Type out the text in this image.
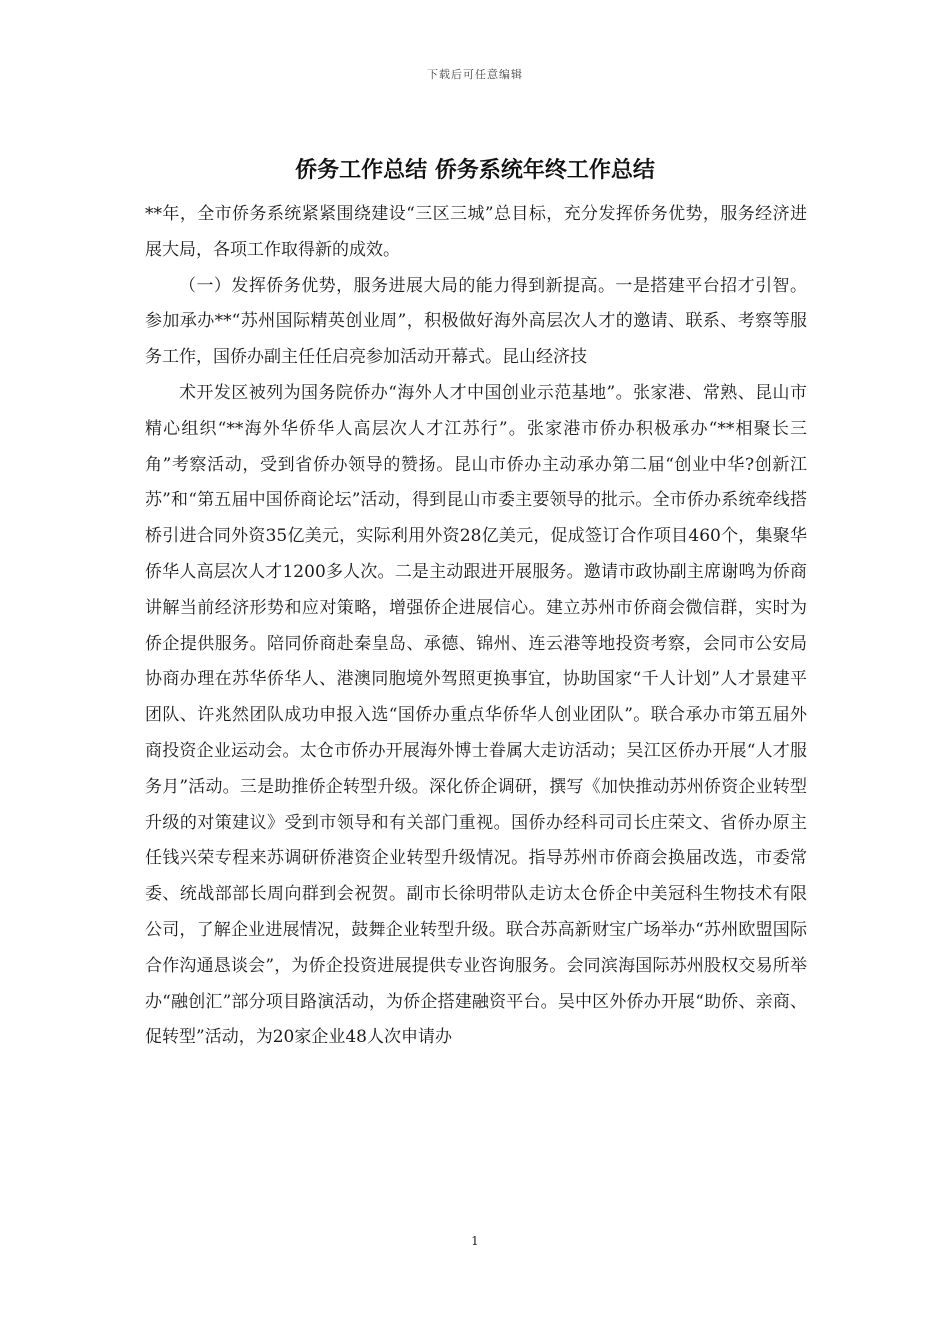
下载后可任意编辑
侨务工作总结 侨务系统年终工作总结

**年，全市侨务系统紧紧围绕建设“三区三城”总目标，充分发挥侨务优势，服务经济进展大局，各项工作取得新的成效。

（一）发挥侨务优势，服务进展大局的能力得到新提高。一是搭建平台招才引智。参加承办**“苏州国际精英创业周”，积极做好海外高层次人才的邀请、联系、考察等服务工作，国侨办副主任任启亮参加活动开幕式。昆山经济技

术开发区被列为国务院侨办“海外人才中国创业示范基地”。张家港、常熟、昆山市精心组织“**海外华侨华人高层次人才江苏行”。张家港市侨办积极承办“**相聚长三角”考察活动，受到省侨办领导的赞扬。昆山市侨办主动承办第二届“创业中华?创新江苏”和“第五届中国侨商论坛”活动，得到昆山市委主要领导的批示。全市侨办系统牵线搭桥引进合同外资35亿美元，实际利用外资28亿美元，促成签订合作项目460个，集聚华侨华人高层次人才1200多人次。二是主动跟进开展服务。邀请市政协副主席谢鸣为侨商讲解当前经济形势和应对策略，增强侨企进展信心。建立苏州市侨商会微信群，实时为侨企提供服务。陪同侨商赴秦皇岛、承德、锦州、连云港等地投资考察，会同市公安局协商办理在苏华侨华人、港澳同胞境外驾照更换事宜，协助国家“千人计划”人才景建平团队、许兆然团队成功申报入选“国侨办重点华侨华人创业团队”。联合承办市第五届外商投资企业运动会。太仓市侨办开展海外博士眷属大走访活动；吴江区侨办开展“人才服务月”活动。三是助推侨企转型升级。深化侨企调研，撰写《加快推动苏州侨资企业转型升级的对策建议》受到市领导和有关部门重视。国侨办经科司司长庄荣文、省侨办原主任钱兴荣专程来苏调研侨港资企业转型升级情况。指导苏州市侨商会换届改选，市委常委、统战部部长周向群到会祝贺。副市长徐明带队走访太仓侨企中美冠科生物技术有限公司，了解企业进展情况，鼓舞企业转型升级。联合苏高新财宝广场举办“苏州欧盟国际合作沟通恳谈会”，为侨企投资进展提供专业咨询服务。会同滨海国际苏州股权交易所举办“融创汇”部分项目路演活动，为侨企搭建融资平台。吴中区外侨办开展“助侨、亲商、促转型”活动，为20家企业48人次申请办

1
